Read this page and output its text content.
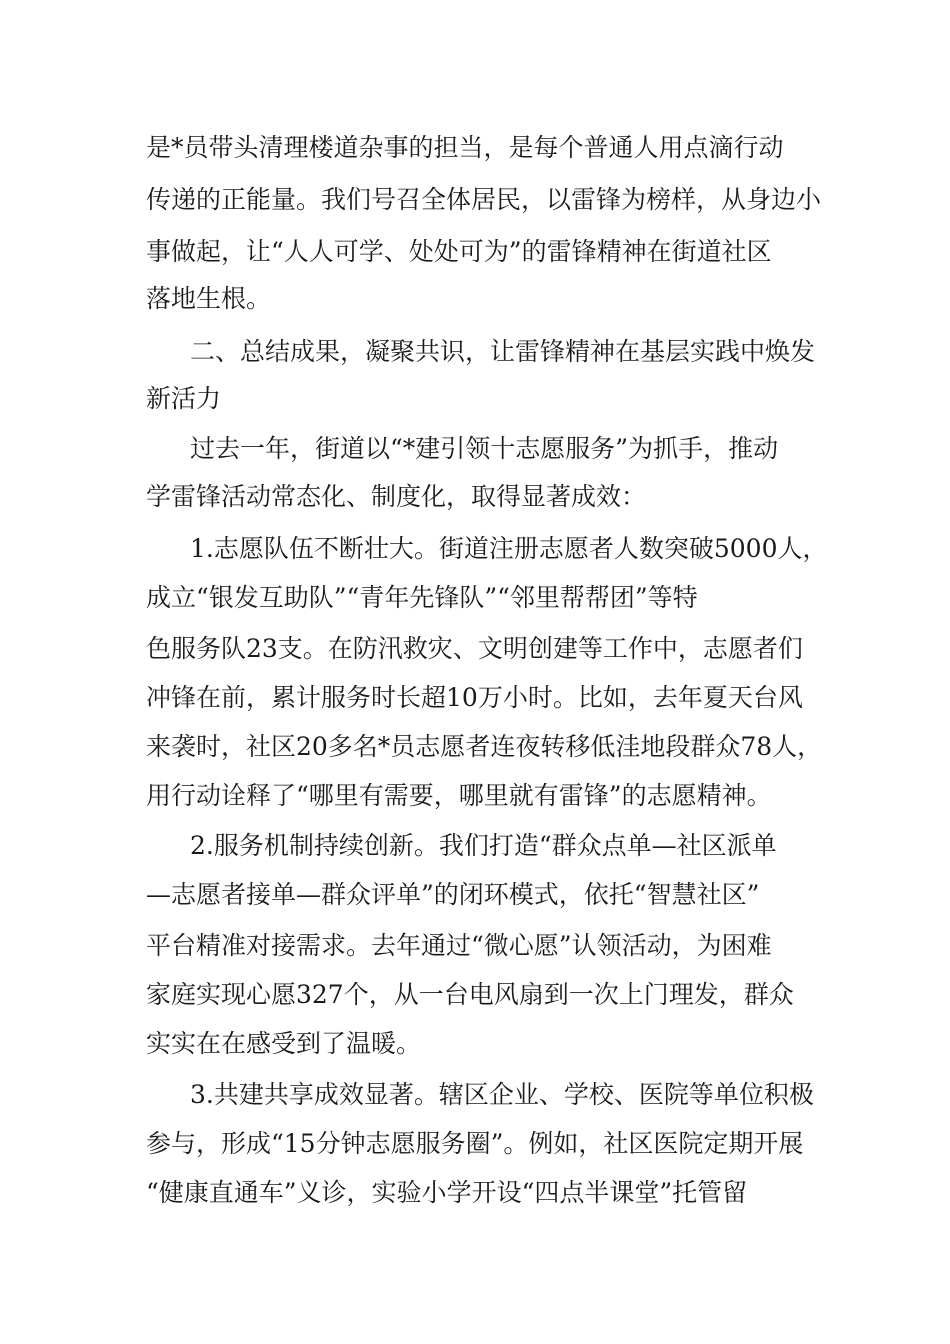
是*员带头清理楼道杂事的担当，是每个普通人用点滴行动

传递的正能量。我们号召全体居民，以雷锋为榜样，从身边小

事做起，让“人人可学、处处可为”的雷锋精神在街道社区

落地生根。

二、总结成果，凝聚共识，让雷锋精神在基层实践中焕发

新活力

过去一年，街道以“*建引领十志愿服务”为抓手，推动

学雷锋活动常态化、制度化，取得显著成效：

1.志愿队伍不断壮大。街道注册志愿者人数突破5000人，

成立“银发互助队”“青年先锋队”“邻里帮帮团”等特

色服务队23支。在防汛救灾、文明创建等工作中，志愿者们

冲锋在前，累计服务时长超10万小时。比如，去年夏天台风

来袭时，社区20多名*员志愿者连夜转移低洼地段群众78人，

用行动诠释了“哪里有需要，哪里就有雷锋”的志愿精神。

2.服务机制持续创新。我们打造“群众点单—社区派单

—志愿者接单—群众评单”的闭环模式，依托“智慧社区”

平台精准对接需求。去年通过“微心愿”认领活动，为困难

家庭实现心愿327个，从一台电风扇到一次上门理发，群众

实实在在感受到了温暖。

3.共建共享成效显著。辖区企业、学校、医院等单位积极

参与，形成“15分钟志愿服务圈”。例如，社区医院定期开展

“健康直通车”义诊，实验小学开设“四点半课堂”托管留
